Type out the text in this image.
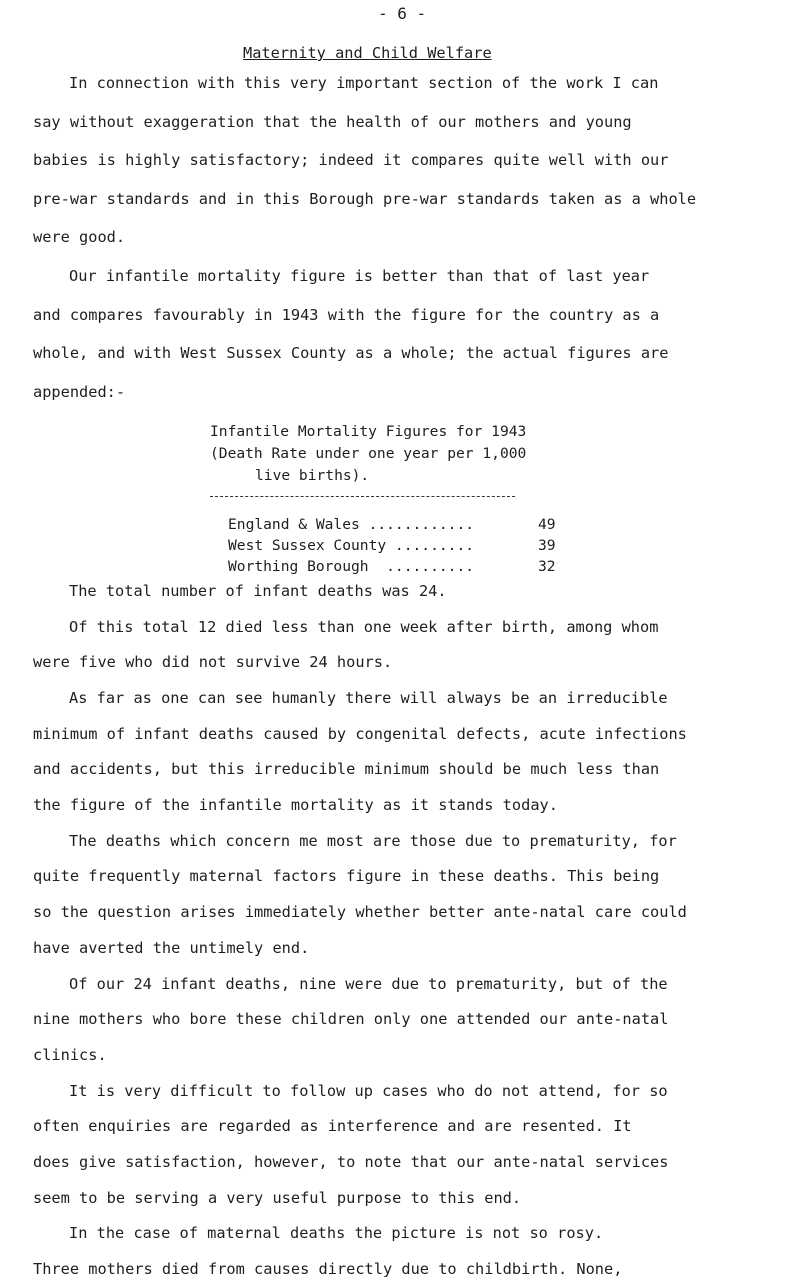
- 6 -
Maternity and Child Welfare
In connection with this very important section of the work I can
say without exaggeration that the health of our mothers and young
babies is highly satisfactory; indeed it compares quite well with our
pre-war standards and in this Borough pre-war standards taken as a whole
were good.
Our infantile mortality figure is better than that of last year
and compares favourably in 1943 with the figure for the country as a
whole, and with West Sussex County as a whole; the actual figures are
appended:-
Infantile Mortality Figures for 1943
(Death Rate under one year per 1,000
live births).
England & Wales ............	49
West Sussex County .........	39
Worthing Borough  ..........	32
The total number of infant deaths was 24.
Of this total 12 died less than one week after birth, among whom
were five who did not survive 24 hours.
As far as one can see humanly there will always be an irreducible
minimum of infant deaths caused by congenital defects, acute infections
and accidents, but this irreducible minimum should be much less than
the figure of the infantile mortality as it stands today.
The deaths which concern me most are those due to prematurity, for
quite frequently maternal factors figure in these deaths. This being
so the question arises immediately whether better ante-natal care could
have averted the untimely end.
Of our 24 infant deaths, nine were due to prematurity, but of the
nine mothers who bore these children only one attended our ante-natal
clinics.
It is very difficult to follow up cases who do not attend, for so
often enquiries are regarded as interference and are resented. It
does give satisfaction, however, to note that our ante-natal services
seem to be serving a very useful purpose to this end.
In the case of maternal deaths the picture is not so rosy.
Three mothers died from causes directly due to childbirth. None,
